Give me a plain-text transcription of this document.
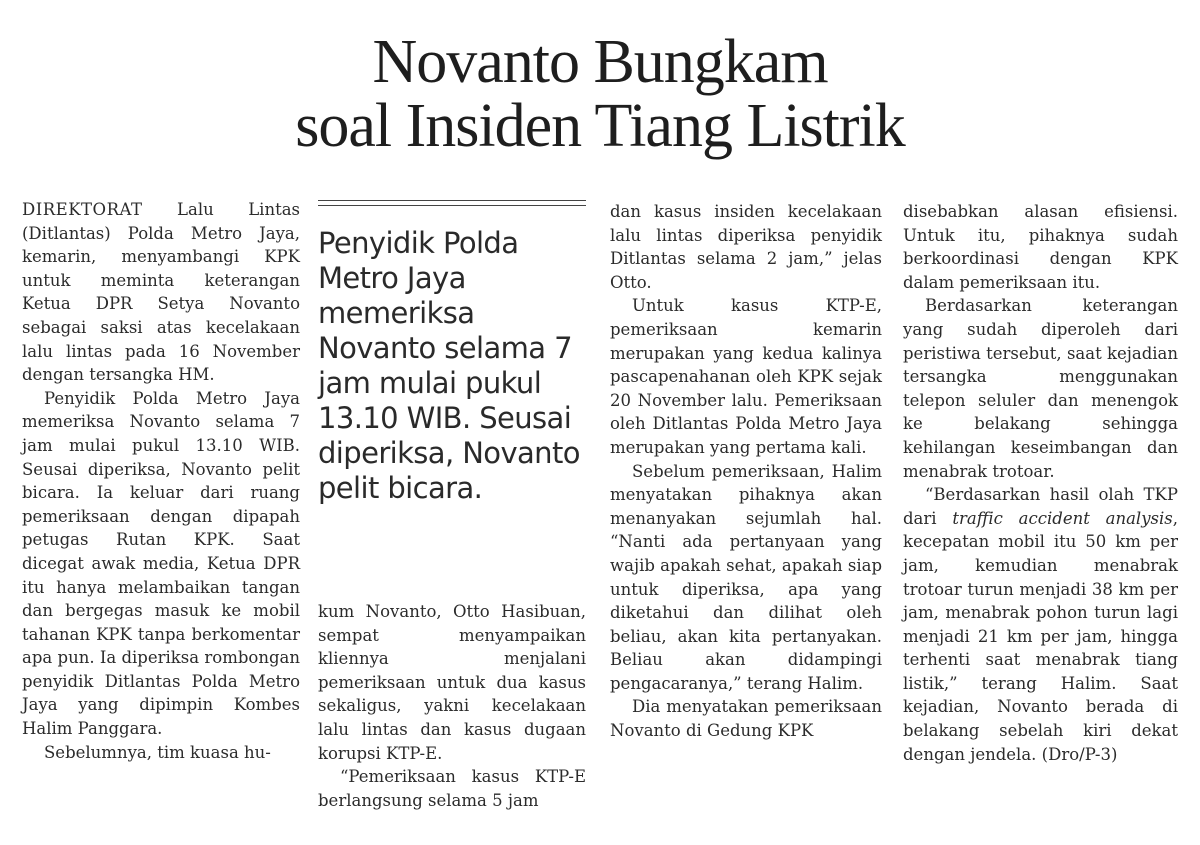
Novanto Bungkam
soal Insiden Tiang Listrik

DIREKTORAT Lalu Lintas (Ditlantas) Polda Metro Jaya, kemarin, menyambangi KPK untuk meminta keterangan Ketua DPR Setya Novanto sebagai saksi atas kecelakaan lalu lintas pada 16 November dengan tersangka HM.

Penyidik Polda Metro Jaya memeriksa Novanto selama 7 jam mulai pukul 13.10 WIB. Seusai diperiksa, Novanto pelit bicara. Ia keluar dari ruang pemeriksaan dengan dipapah petugas Rutan KPK. Saat dicegat awak media, Ketua DPR itu hanya melambaikan tangan dan bergegas masuk ke mobil tahanan KPK tanpa berkomentar apa pun. Ia diperiksa rombongan penyidik Ditlantas Polda Metro Jaya yang dipimpin Kombes Halim Panggara.

Sebelumnya, tim kuasa hu-

Penyidik Polda Metro Jaya memeriksa Novanto selama 7 jam mulai pukul 13.10 WIB. Seusai diperiksa, Novanto pelit bicara.

kum Novanto, Otto Hasibuan, sempat menyampaikan kliennya menjalani pemeriksaan untuk dua kasus sekaligus, yakni kecelakaan lalu lintas dan kasus dugaan korupsi KTP-E.

“Pemeriksaan kasus KTP-E berlangsung selama 5 jam

dan kasus insiden kecelakaan lalu lintas diperiksa penyidik Ditlantas selama 2 jam,” jelas Otto.

Untuk kasus KTP-E, pemeriksaan kemarin merupakan yang kedua kalinya pascapenahanan oleh KPK sejak 20 November lalu. Pemeriksaan oleh Ditlantas Polda Metro Jaya merupakan yang pertama kali.

Sebelum pemeriksaan, Halim menyatakan pihaknya akan menanyakan sejumlah hal. “Nanti ada pertanyaan yang wajib apakah sehat, apakah siap untuk diperiksa, apa yang diketahui dan dilihat oleh beliau, akan kita pertanyakan. Beliau akan didampingi pengacaranya,” terang Halim.

Dia menyatakan pemeriksaan Novanto di Gedung KPK

disebabkan alasan efisiensi. Untuk itu, pihaknya sudah berkoordinasi dengan KPK dalam pemeriksaan itu.

Berdasarkan keterangan yang sudah diperoleh dari peristiwa tersebut, saat kejadian tersangka menggunakan telepon seluler dan menengok ke belakang sehingga kehilangan keseimbangan dan menabrak trotoar.

“Berdasarkan hasil olah TKP dari traffic accident analysis, kecepatan mobil itu 50 km per jam, kemudian menabrak trotoar turun menjadi 38 km per jam, menabrak pohon turun lagi menjadi 21 km per jam, hingga terhenti saat menabrak tiang listik,” terang Halim. Saat kejadian, Novanto berada di belakang sebelah kiri dekat dengan jendela. (Dro/P-3)
